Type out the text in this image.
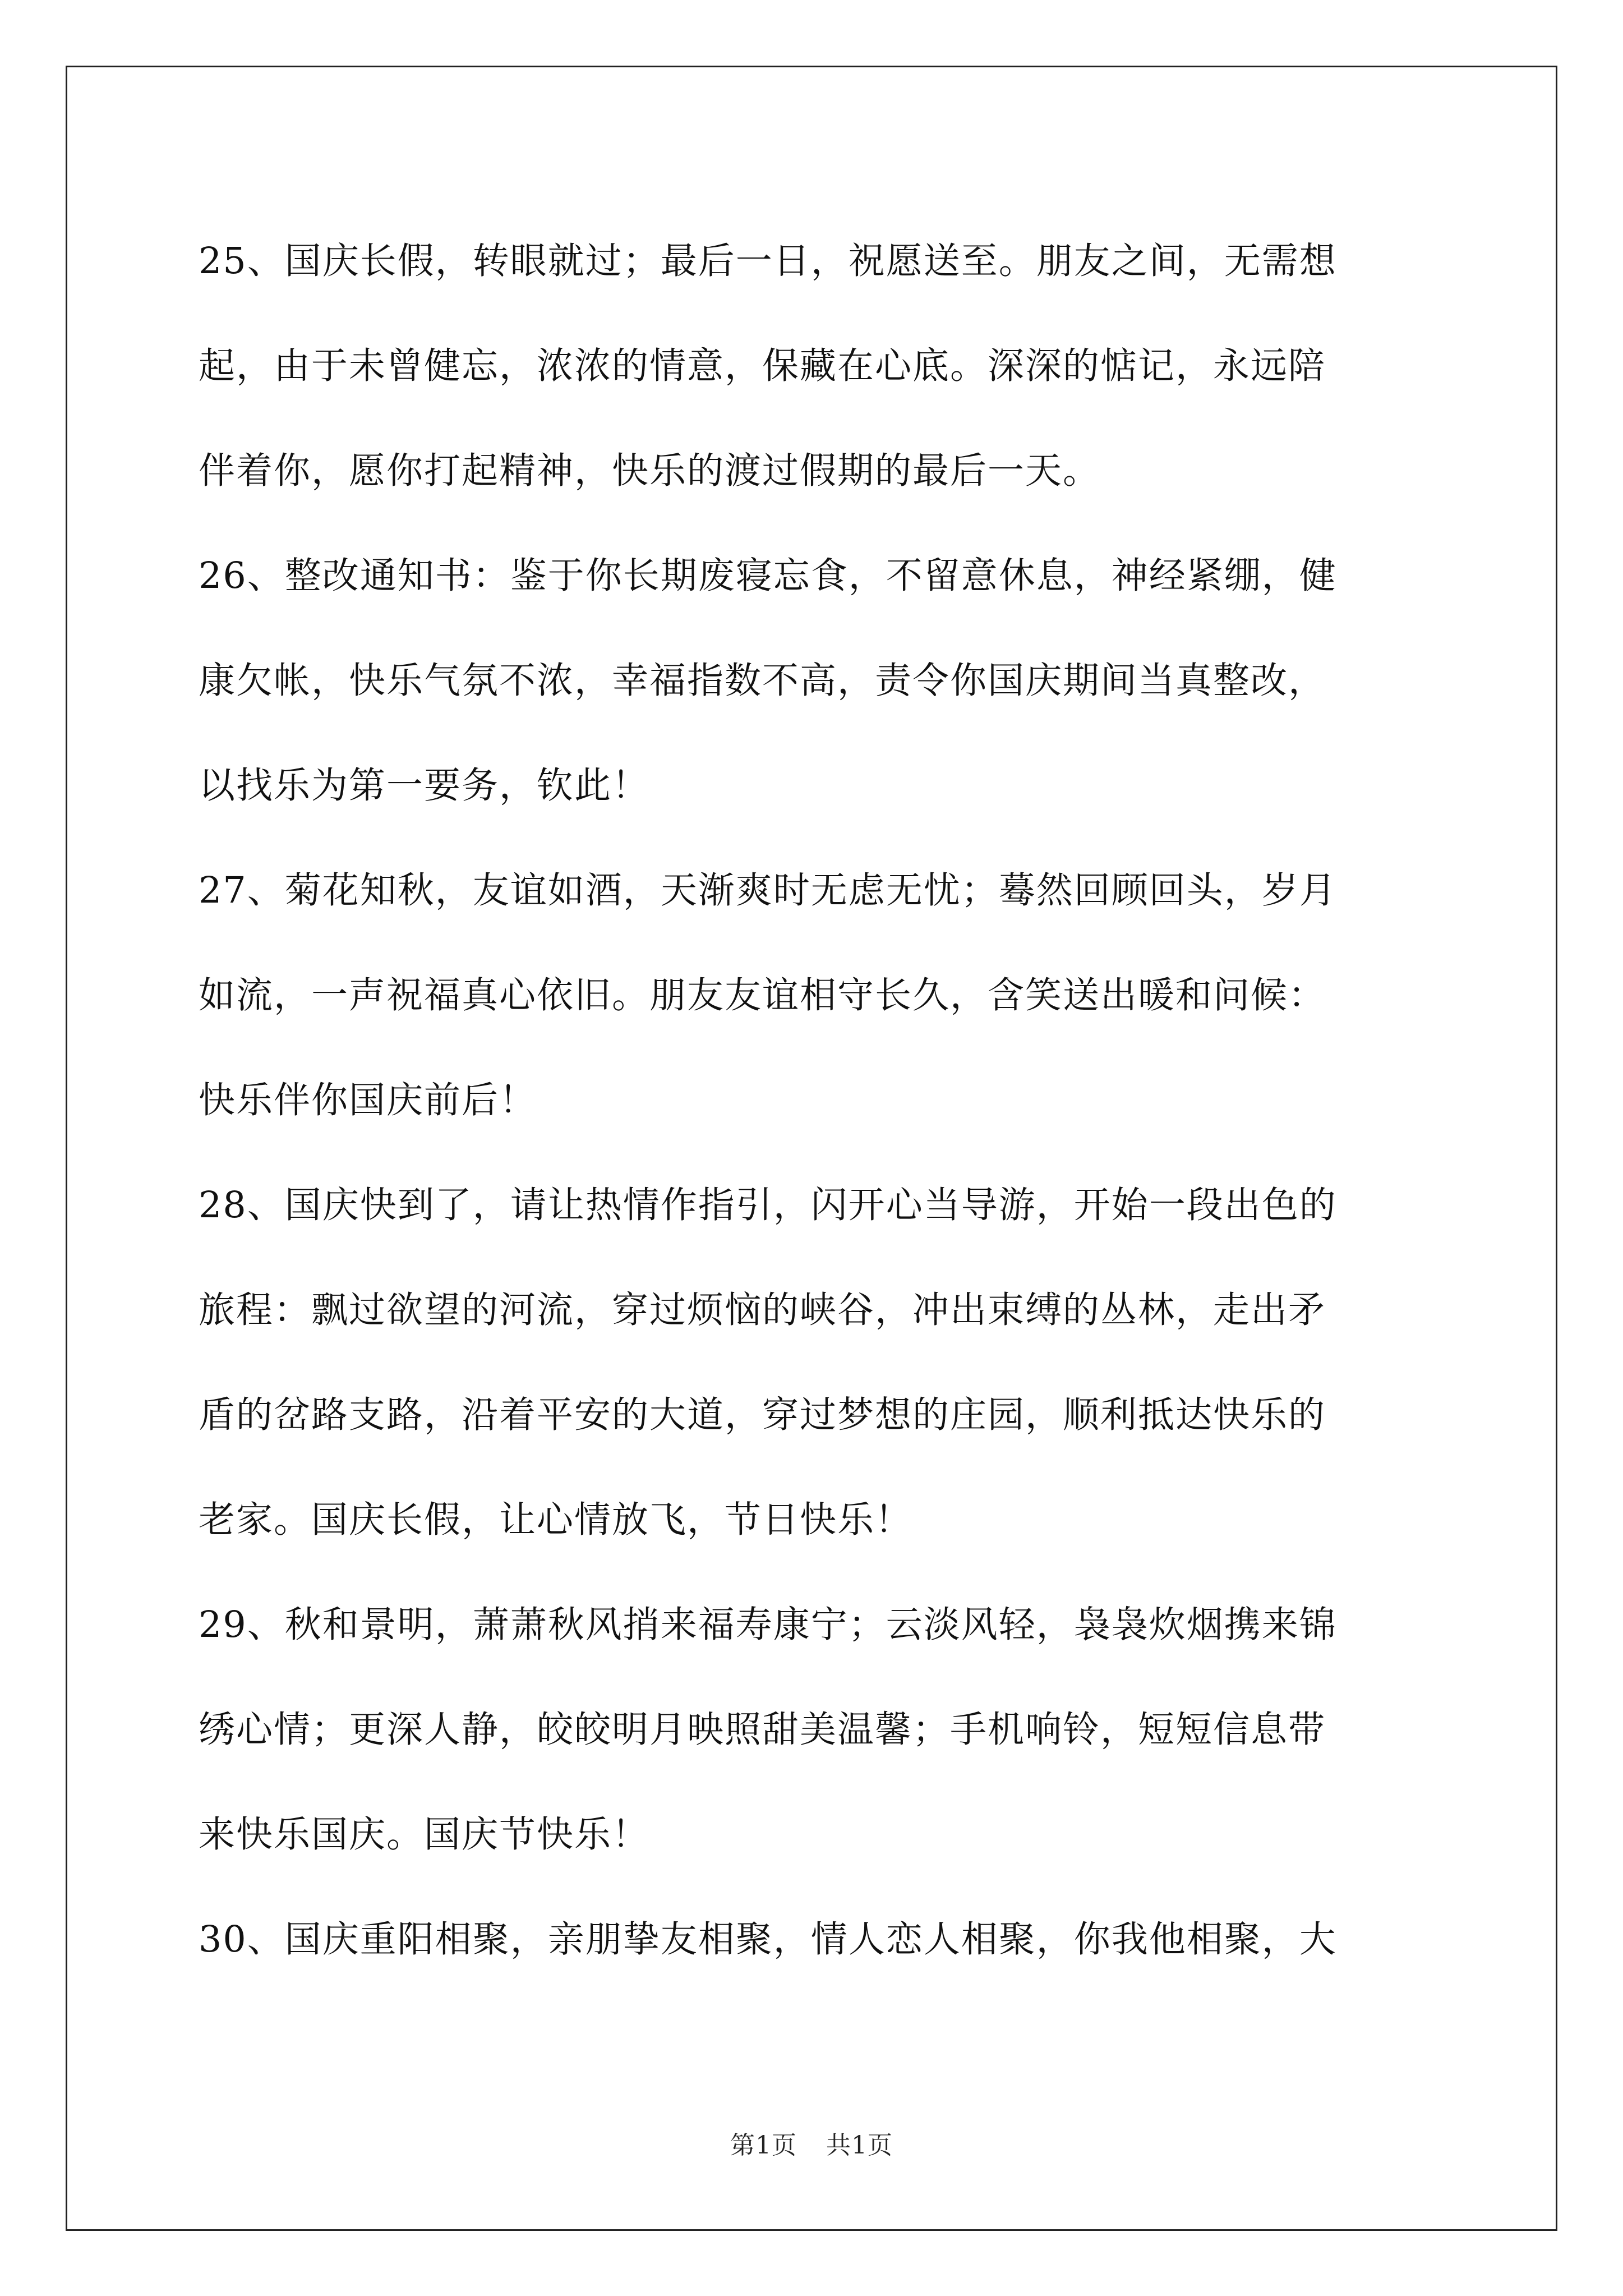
25、国庆长假，转眼就过；最后一日，祝愿送至。朋友之间，无需想
起，由于未曾健忘，浓浓的情意，保藏在心底。深深的惦记，永远陪
伴着你，愿你打起精神，快乐的渡过假期的最后一天。
26、整改通知书：鉴于你长期废寝忘食，不留意休息，神经紧绷，健
康欠帐，快乐气氛不浓，幸福指数不高，责令你国庆期间当真整改，
以找乐为第一要务，钦此！
27、菊花知秋，友谊如酒，天渐爽时无虑无忧；蓦然回顾回头，岁月
如流，一声祝福真心依旧。朋友友谊相守长久，含笑送出暖和问候：
快乐伴你国庆前后！
28、国庆快到了，请让热情作指引，闪开心当导游，开始一段出色的
旅程：飘过欲望的河流，穿过烦恼的峡谷，冲出束缚的丛林，走出矛
盾的岔路支路，沿着平安的大道，穿过梦想的庄园，顺利抵达快乐的
老家。国庆长假，让心情放飞，节日快乐！
29、秋和景明，萧萧秋风捎来福寿康宁；云淡风轻，袅袅炊烟携来锦
绣心情；更深人静，皎皎明月映照甜美温馨；手机响铃，短短信息带
来快乐国庆。国庆节快乐！
30、国庆重阳相聚，亲朋挚友相聚，情人恋人相聚，你我他相聚，大
第1页 共1页
